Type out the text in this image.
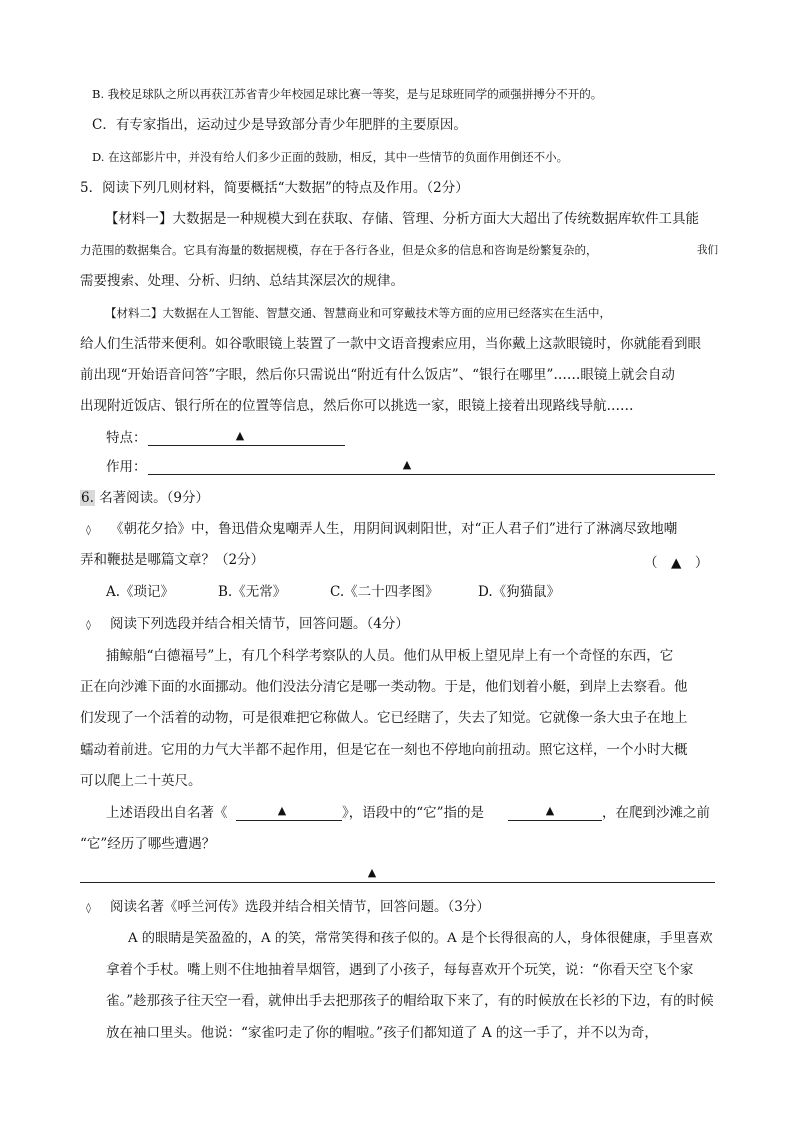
B. 我校足球队之所以再获江苏省青少年校园足球比赛一等奖，是与足球班同学的顽强拼搏分不开的。
C．有专家指出，运动过少是导致部分青少年肥胖的主要原因。
D. 在这部影片中，并没有给人们多少正面的鼓励，相反，其中一些情节的负面作用倒还不小。
5．阅读下列几则材料，简要概括“大数据”的特点及作用。（2分）
【材料一】大数据是一种规模大到在获取、存储、管理、分析方面大大超出了传统数据库软件工具能
力范围的数据集合。它具有海量的数据规模，存在于各行各业，但是众多的信息和咨询是纷繁复杂的，	我们
需要搜索、处理、分析、归纳、总结其深层次的规律。
【材料二】大数据在人工智能、智慧交通、智慧商业和可穿戴技术等方面的应用已经落实在生活中，
给人们生活带来便利。如谷歌眼镜上装置了一款中文语音搜索应用，当你戴上这款眼镜时，你就能看到眼
前出现“开始语音问答”字眼，然后你只需说出“附近有什么饭店”、“银行在哪里”……眼镜上就会自动
出现附近饭店、银行所在的位置等信息，然后你可以挑选一家，眼镜上接着出现路线导航……
特点：	▲
作用：	▲
6. 名著阅读。（9分）
◊ 《朝花夕拾》中，鲁迅借众鬼嘲弄人生，用阴间讽刺阳世，对“正人君子们”进行了淋漓尽致地嘲
弄和鞭挞是哪篇文章？（2分）	（　▲　）
A.《琐记》	B.《无常》	C.《二十四孝图》	D.《狗猫鼠》
◊ 阅读下列选段并结合相关情节，回答问题。（4分）
捕鲸船“白德福号”上，有几个科学考察队的人员。他们从甲板上望见岸上有一个奇怪的东西，它
正在向沙滩下面的水面挪动。他们没法分清它是哪一类动物。于是，他们划着小艇，到岸上去察看。他
们发现了一个活着的动物，可是很难把它称做人。它已经瞎了，失去了知觉。它就像一条大虫子在地上
蠕动着前进。它用的力气大半都不起作用，但是它在一刻也不停地向前扭动。照它这样，一个小时大概
可以爬上二十英尺。
上述语段出自名著《	▲	》，语段中的“它”指的是	▲	，在爬到沙滩之前
“它”经历了哪些遭遇？
▲
◊ 阅读名著《呼兰河传》选段并结合相关情节，回答问题。（3分）
A 的眼睛是笑盈盈的，A 的笑，常常笑得和孩子似的。A 是个长得很高的人，身体很健康，手里喜欢
拿着个手杖。嘴上则不住地抽着旱烟管，遇到了小孩子，每每喜欢开个玩笑，说：“你看天空飞个家
雀。”趁那孩子往天空一看，就伸出手去把那孩子的帽给取下来了，有的时候放在长衫的下边，有的时候
放在袖口里头。他说：“家雀叼走了你的帽啦。”孩子们都知道了 A 的这一手了，并不以为奇，
